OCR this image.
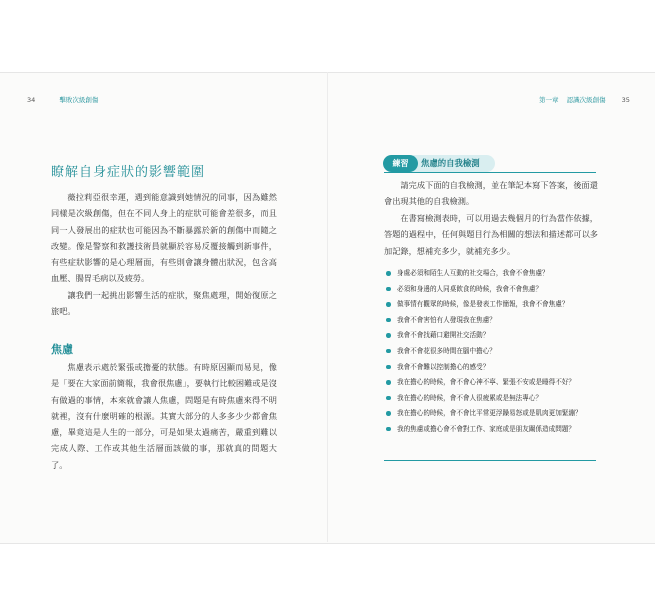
34	擊敗次級創傷
瞭解自身症狀的影響範圍
薇拉莉亞很幸運，遇到能意識到她情況的同事，因為雖然同樣是次級創傷，但在不同人身上的症狀可能會差很多，而且同一人發展出的症狀也可能因為不斷暴露於新的創傷中而隨之改變。像是警察和救護技術員就顯於容易反覆接觸到新事件，有些症狀影響的是心理層面，有些則會讓身體出狀況，包含高血壓、腸胃毛病以及疲勞。
讓我們一起挑出影響生活的症狀，聚焦處理，開始復原之旅吧。
焦慮
焦慮表示處於緊張或擔憂的狀態。有時原因顯而易見，像是「要在大家面前簡報，我會很焦慮」，要執行比較困難或是沒有做過的事情，本來就會讓人焦慮，問題是有時焦慮來得不明就裡，沒有什麼明確的根源。其實大部分的人多多少少都會焦慮，畢竟這是人生的一部分，可是如果太過痛苦，嚴重到難以完成人際、工作或其他生活層面該做的事，那就真的問題大了。
第一章 認識次級創傷 35
焦慮的自我檢測
練習
請完成下面的自我檢測，並在筆記本寫下答案，後面還會出現其他的自我檢測。
在書寫檢測表時，可以用過去幾個月的行為當作依據，答題的過程中，任何與題目行為相關的想法和描述都可以多加記錄，想補充多少，就補充多少。
身處必須和陌生人互動的社交場合，我會不會焦慮？
必須和身邊的人同桌飲食的時候，我會不會焦慮？
做事情有觀眾的時候，像是發表工作簡報，我會不會焦慮？
我會不會害怕有人發現我在焦慮？
我會不會找藉口避開社交活動？
我會不會花很多時間在腦中擔心？
我會不會難以控制擔心的感受？
我在擔心的時候，會不會心神不寧、緊張不安或是睡得不好？
我在擔心的時候，會不會人很疲累或是無法專心？
我在擔心的時候，會不會比平常更浮躁易怒或是肌肉更加緊繃？
我的焦慮或擔心會不會對工作、家庭或是朋友關係造成問題？
